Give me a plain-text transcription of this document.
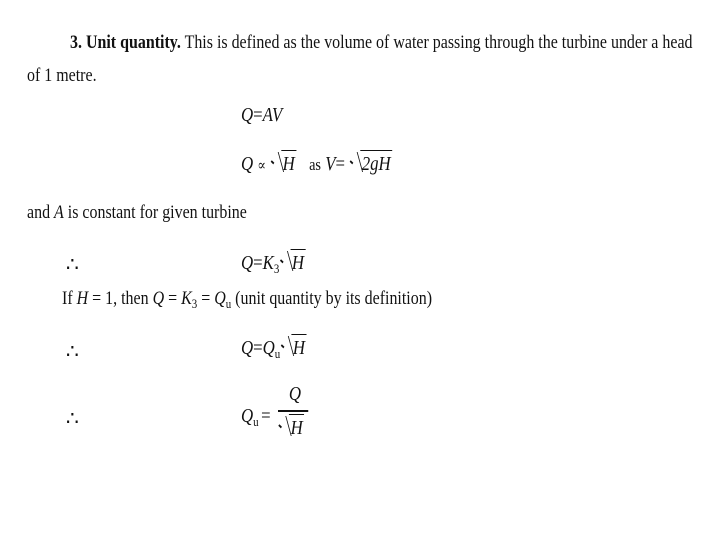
3. Unit quantity. This is defined as the volume of water passing through the turbine under a head
of 1 metre.
Q=AV
Q ∝ H as V= 2gH
and A is constant for given turbine
∴	$Q=K_3$ H
If H = 1, then $Q = K_3 = Q_u$ (unit quantity by its definition)
∴	$Q=Q_u$ H
∴	$Q_u$ =
Q
H
